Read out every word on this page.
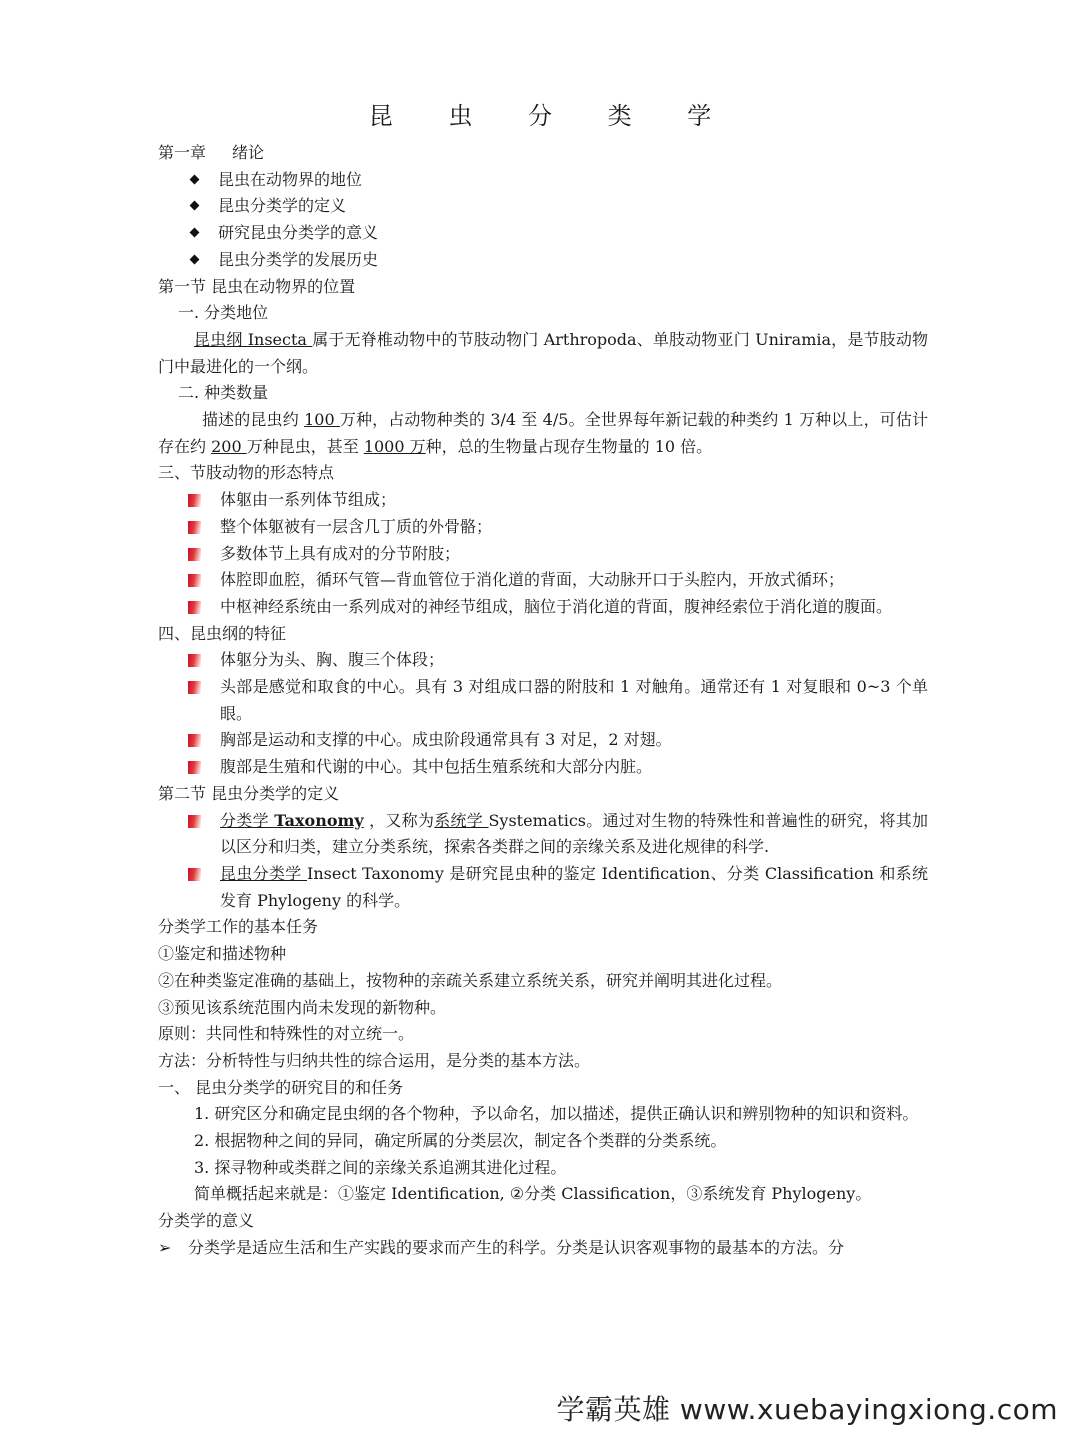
昆 虫 分 类 学
第一章 绪论
昆虫在动物界的地位
昆虫分类学的定义
研究昆虫分类学的意义
昆虫分类学的发展历史
第一节 昆虫在动物界的位置
一. 分类地位
昆虫纲 Insecta 属于无脊椎动物中的节肢动物门 Arthropoda、单肢动物亚门 Uniramia，是节肢动物门中最进化的一个纲。
二. 种类数量
描述的昆虫约 100 万种，占动物种类的 3/4 至 4/5。全世界每年新记载的种类约 1 万种以上，可估计存在约 200 万种昆虫，甚至 1000 万种，总的生物量占现存生物量的 10 倍。
三、节肢动物的形态特点
体躯由一系列体节组成；
整个体躯被有一层含几丁质的外骨骼；
多数体节上具有成对的分节附肢；
体腔即血腔，循环气管—背血管位于消化道的背面，大动脉开口于头腔内，开放式循环；
中枢神经系统由一系列成对的神经节组成，脑位于消化道的背面，腹神经索位于消化道的腹面。
四、昆虫纲的特征
体躯分为头、胸、腹三个体段；
头部是感觉和取食的中心。具有 3 对组成口器的附肢和 1 对触角。通常还有 1 对复眼和 0~3 个单眼。
胸部是运动和支撑的中心。成虫阶段通常具有 3 对足，2 对翅。
腹部是生殖和代谢的中心。其中包括生殖系统和大部分内脏。
第二节 昆虫分类学的定义
分类学 Taxonomy ，又称为系统学 Systematics。通过对生物的特殊性和普遍性的研究，将其加以区分和归类，建立分类系统，探索各类群之间的亲缘关系及进化规律的科学.
昆虫分类学 Insect Taxonomy 是研究昆虫种的鉴定 Identification、分类 Classification 和系统发育 Phylogeny 的科学。
分类学工作的基本任务
①鉴定和描述物种
②在种类鉴定准确的基础上，按物种的亲疏关系建立系统关系，研究并阐明其进化过程。
③预见该系统范围内尚未发现的新物种。
原则：共同性和特殊性的对立统一。
方法：分析特性与归纳共性的综合运用，是分类的基本方法。
一、 昆虫分类学的研究目的和任务
1. 研究区分和确定昆虫纲的各个物种，予以命名，加以描述，提供正确认识和辨别物种的知识和资料。
2. 根据物种之间的异同，确定所属的分类层次，制定各个类群的分类系统。
3. 探寻物种或类群之间的亲缘关系追溯其进化过程。
简单概括起来就是：①鉴定 Identification, ②分类 Classification，③系统发育 Phylogeny。
分类学的意义
➢ 分类学是适应生活和生产实践的要求而产生的科学。分类是认识客观事物的最基本的方法。分
学霸英雄 www.xuebayingxiong.com
